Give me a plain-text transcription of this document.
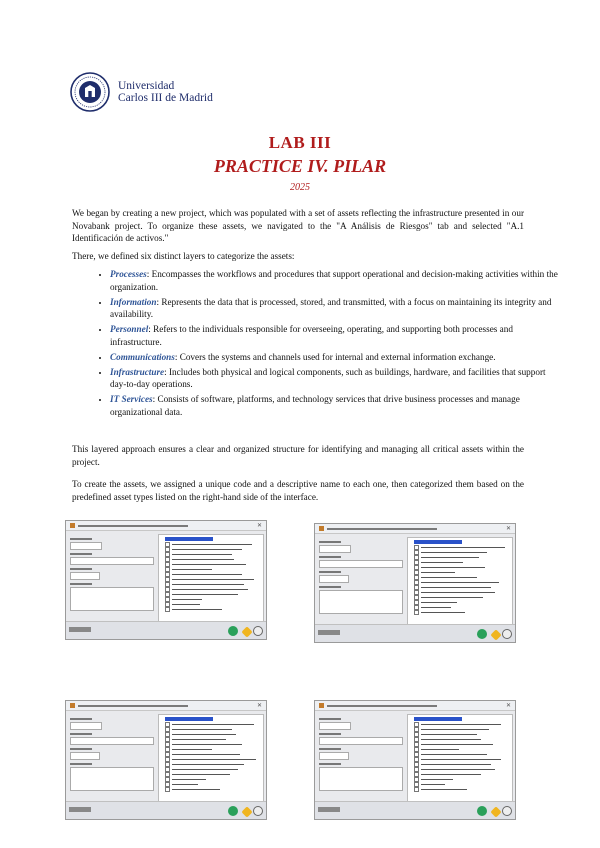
Universidad
Carlos III de Madrid
LAB III
PRACTICE IV. PILAR
2025
We began by creating a new project, which was populated with a set of assets reflecting the infrastructure presented in our Novabank project. To organize these assets, we navigated to the "A Análisis de Riesgos" tab and selected "A.1 Identificación de activos."
There, we defined six distinct layers to categorize the assets:
• Processes: Encompasses the workflows and procedures that support operational and decision-making activities within the organization.
• Information: Represents the data that is processed, stored, and transmitted, with a focus on maintaining its integrity and availability.
• Personnel: Refers to the individuals responsible for overseeing, operating, and supporting both processes and infrastructure.
• Communications: Covers the systems and channels used for internal and external information exchange.
• Infrastructure: Includes both physical and logical components, such as buildings, hardware, and facilities that support day-to-day operations.
• IT Services: Consists of software, platforms, and technology services that drive business processes and manage organizational data.
This layered approach ensures a clear and organized structure for identifying and managing all critical assets within the project.
To create the assets, we assigned a unique code and a descriptive name to each one, then categorized them based on the predefined asset types listed on the right-hand side of the interface.
✕	✕
✕	✕
